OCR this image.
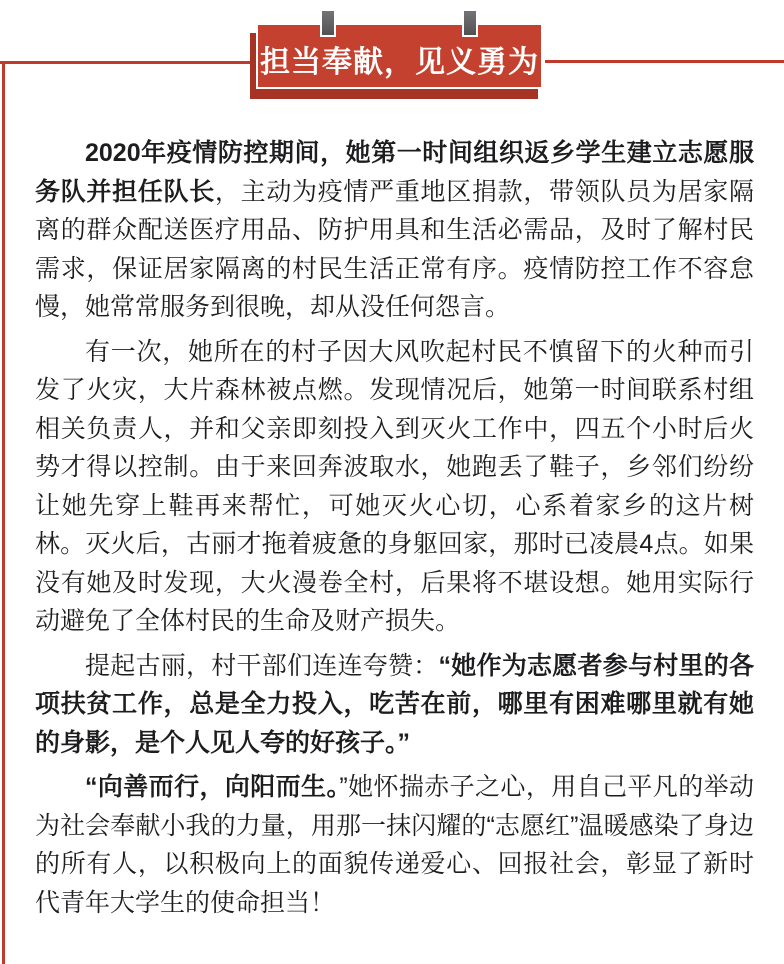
担当奉献，见义勇为

2020年疫情防控期间，她第一时间组织返乡学生建立志愿服务队并担任队长，主动为疫情严重地区捐款，带领队员为居家隔离的群众配送医疗用品、防护用具和生活必需品，及时了解村民需求，保证居家隔离的村民生活正常有序。疫情防控工作不容怠慢，她常常服务到很晚，却从没任何怨言。

有一次，她所在的村子因大风吹起村民不慎留下的火种而引发了火灾，大片森林被点燃。发现情况后，她第一时间联系村组相关负责人，并和父亲即刻投入到灭火工作中，四五个小时后火势才得以控制。由于来回奔波取水，她跑丢了鞋子，乡邻们纷纷让她先穿上鞋再来帮忙，可她灭火心切，心系着家乡的这片树林。灭火后，古丽才拖着疲惫的身躯回家，那时已凌晨4点。如果没有她及时发现，大火漫卷全村，后果将不堪设想。她用实际行动避免了全体村民的生命及财产损失。

提起古丽，村干部们连连夸赞：“她作为志愿者参与村里的各项扶贫工作，总是全力投入，吃苦在前，哪里有困难哪里就有她的身影，是个人见人夸的好孩子。”

“向善而行，向阳而生。”她怀揣赤子之心，用自己平凡的举动为社会奉献小我的力量，用那一抹闪耀的“志愿红”温暖感染了身边的所有人，以积极向上的面貌传递爱心、回报社会，彰显了新时代青年大学生的使命担当！
